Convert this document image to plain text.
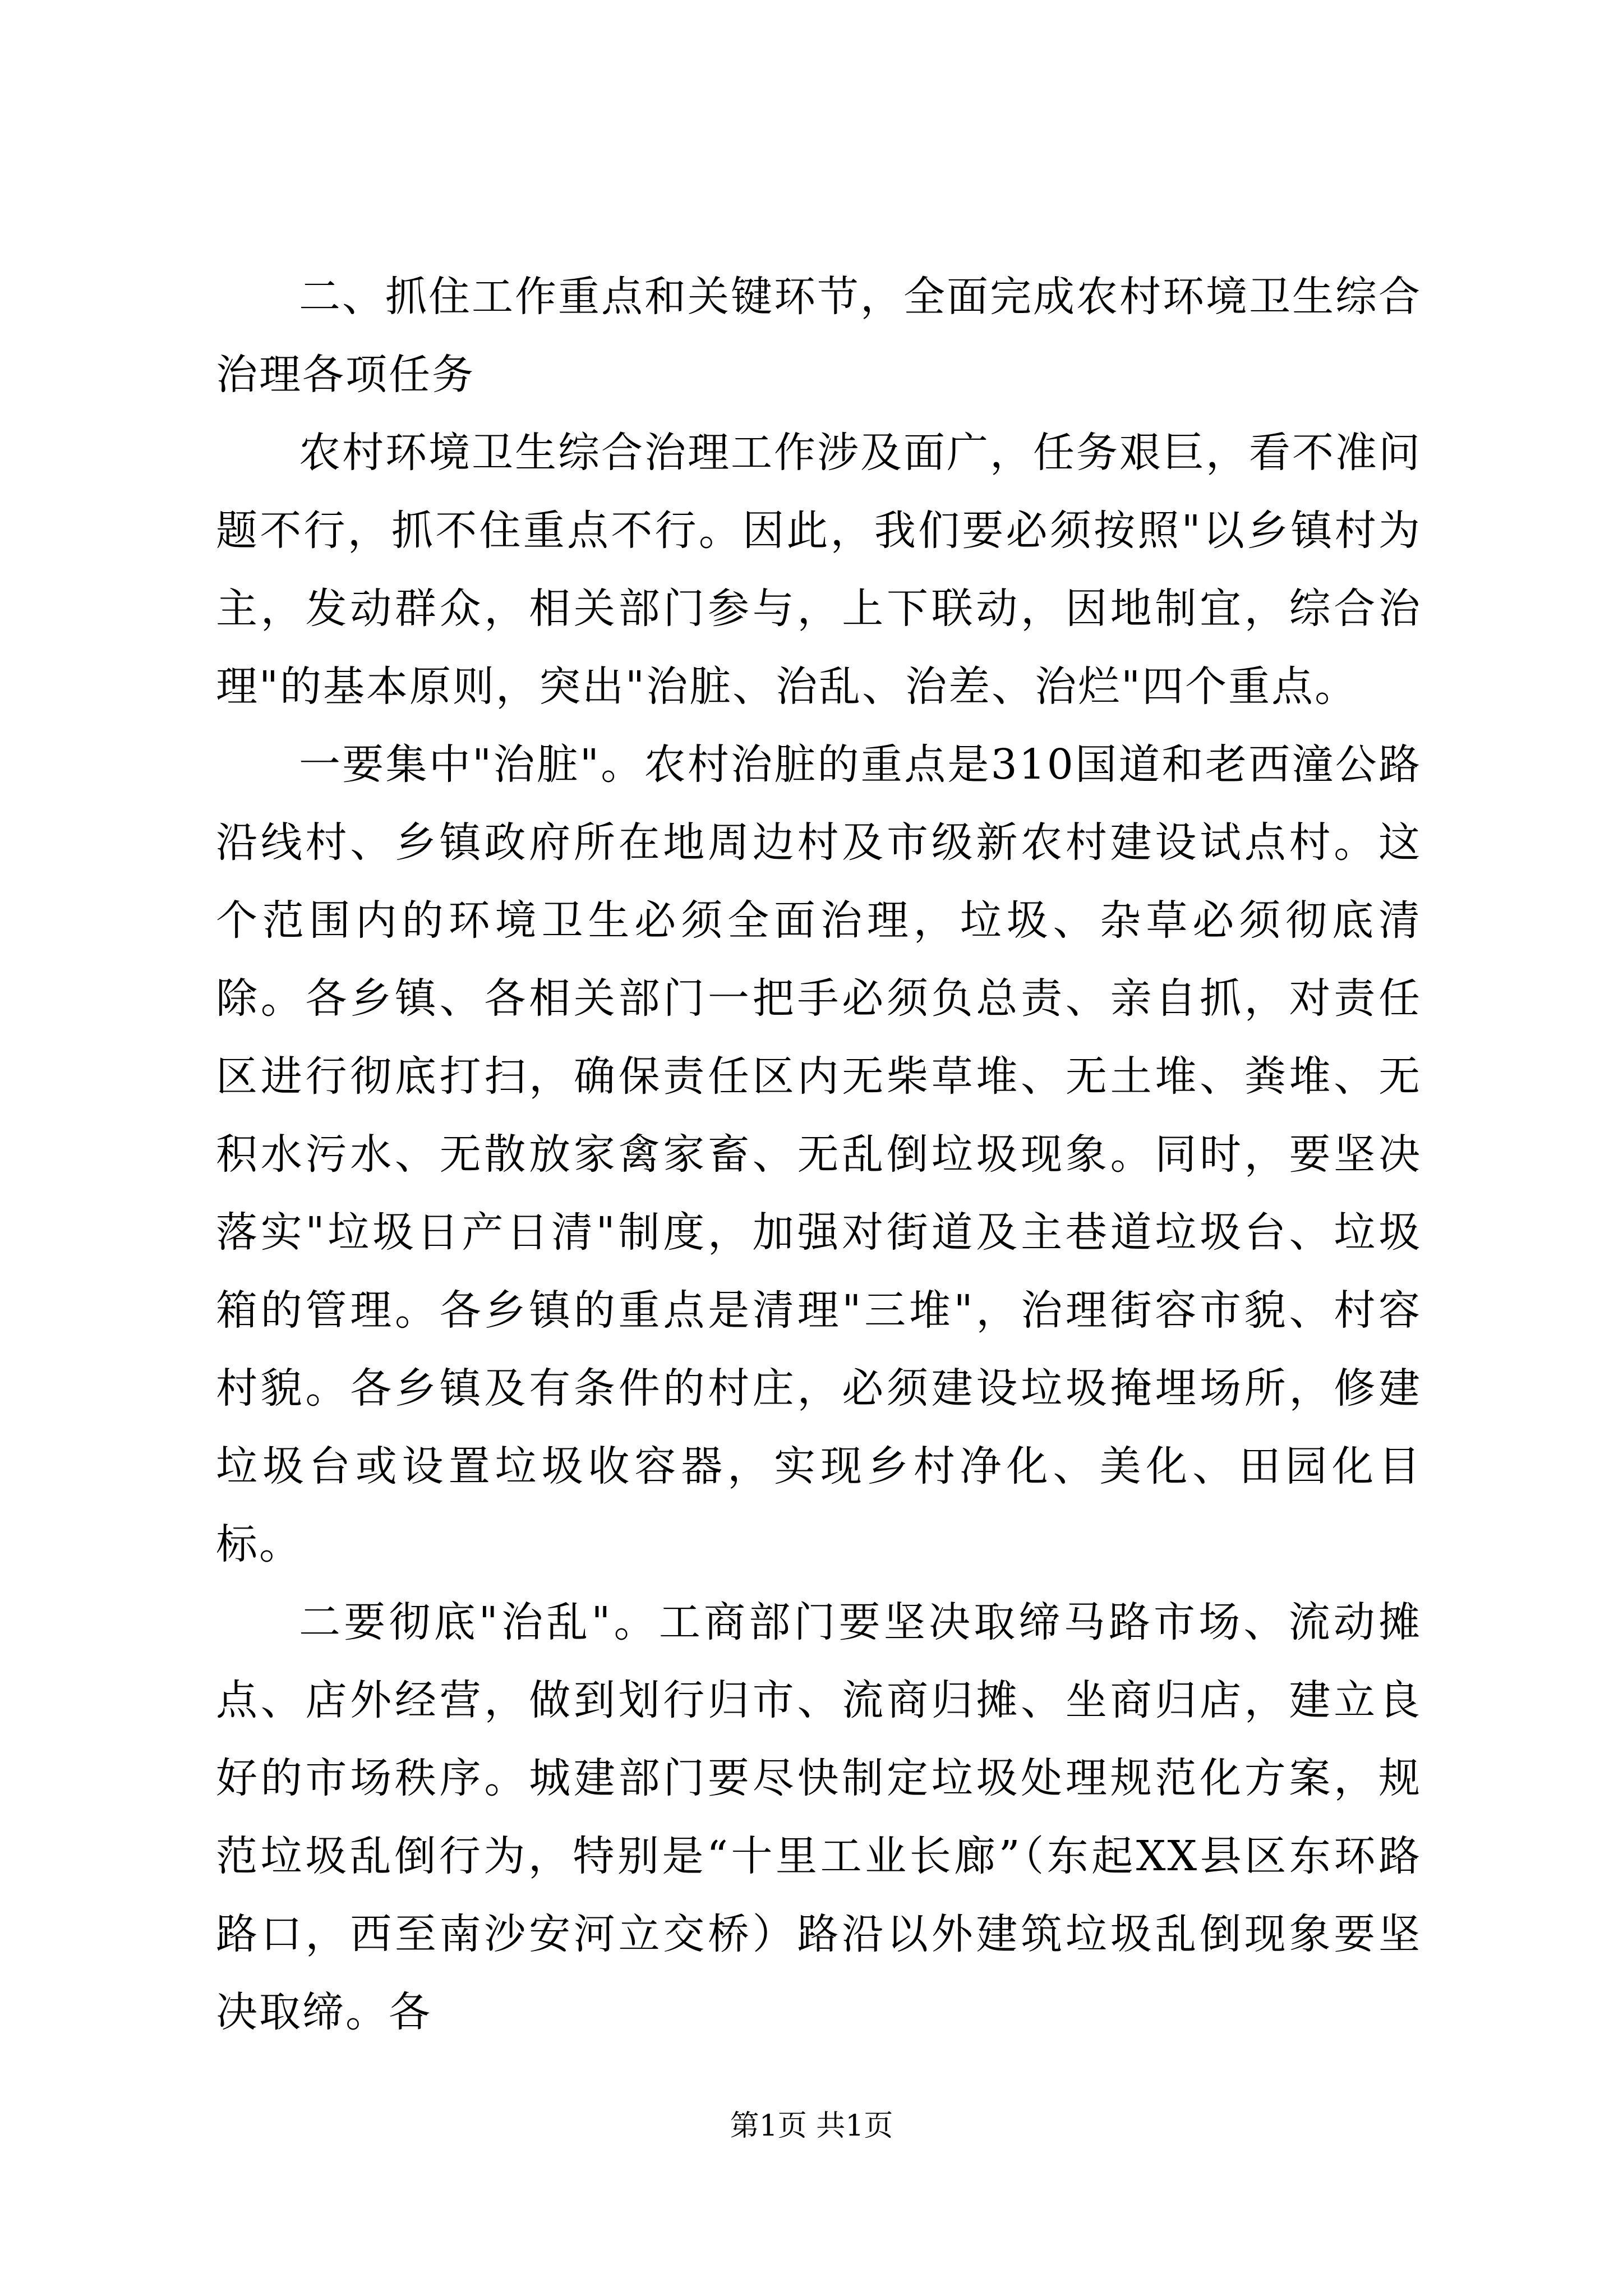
二、抓住工作重点和关键环节，全面完成农村环境卫生综合治理各项任务

农村环境卫生综合治理工作涉及面广，任务艰巨，看不准问题不行，抓不住重点不行。因此，我们要必须按照"以乡镇村为主，发动群众，相关部门参与，上下联动，因地制宜，综合治理"的基本原则，突出"治脏、治乱、治差、治烂"四个重点。

一要集中"治脏"。农村治脏的重点是310国道和老西潼公路沿线村、乡镇政府所在地周边村及市级新农村建设试点村。这个范围内的环境卫生必须全面治理，垃圾、杂草必须彻底清除。各乡镇、各相关部门一把手必须负总责、亲自抓，对责任区进行彻底打扫，确保责任区内无柴草堆、无土堆、粪堆、无积水污水、无散放家禽家畜、无乱倒垃圾现象。同时，要坚决落实"垃圾日产日清"制度，加强对街道及主巷道垃圾台、垃圾箱的管理。各乡镇的重点是清理"三堆"，治理街容市貌、村容村貌。各乡镇及有条件的村庄，必须建设垃圾掩埋场所，修建垃圾台或设置垃圾收容器，实现乡村净化、美化、田园化目标。

二要彻底"治乱"。工商部门要坚决取缔马路市场、流动摊点、店外经营，做到划行归市、流商归摊、坐商归店，建立良好的市场秩序。城建部门要尽快制定垃圾处理规范化方案，规范垃圾乱倒行为，特别是“十里工业长廊”（东起XX县区东环路路口，西至南沙安河立交桥）路沿以外建筑垃圾乱倒现象要坚决取缔。各

第1页 共1页
